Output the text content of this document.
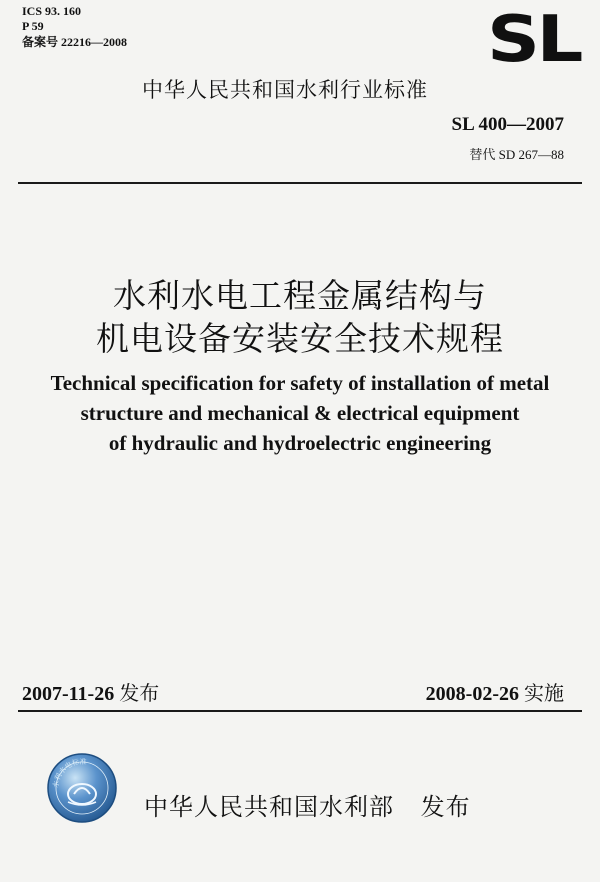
ICS 93. 160
P 59
备案号 22216—2008	SL
中华人民共和国水利行业标准
SL 400—2007
替代 SD 267—88
水利水电工程金属结构与
机电设备安装安全技术规程
Technical specification for safety of installation of metal
structure and mechanical & electrical equipment
of hydraulic and hydroelectric engineering
2007-11-26 发布	2008-02-26 实施
水利水电标准
中华人民共和国水利部 发布
